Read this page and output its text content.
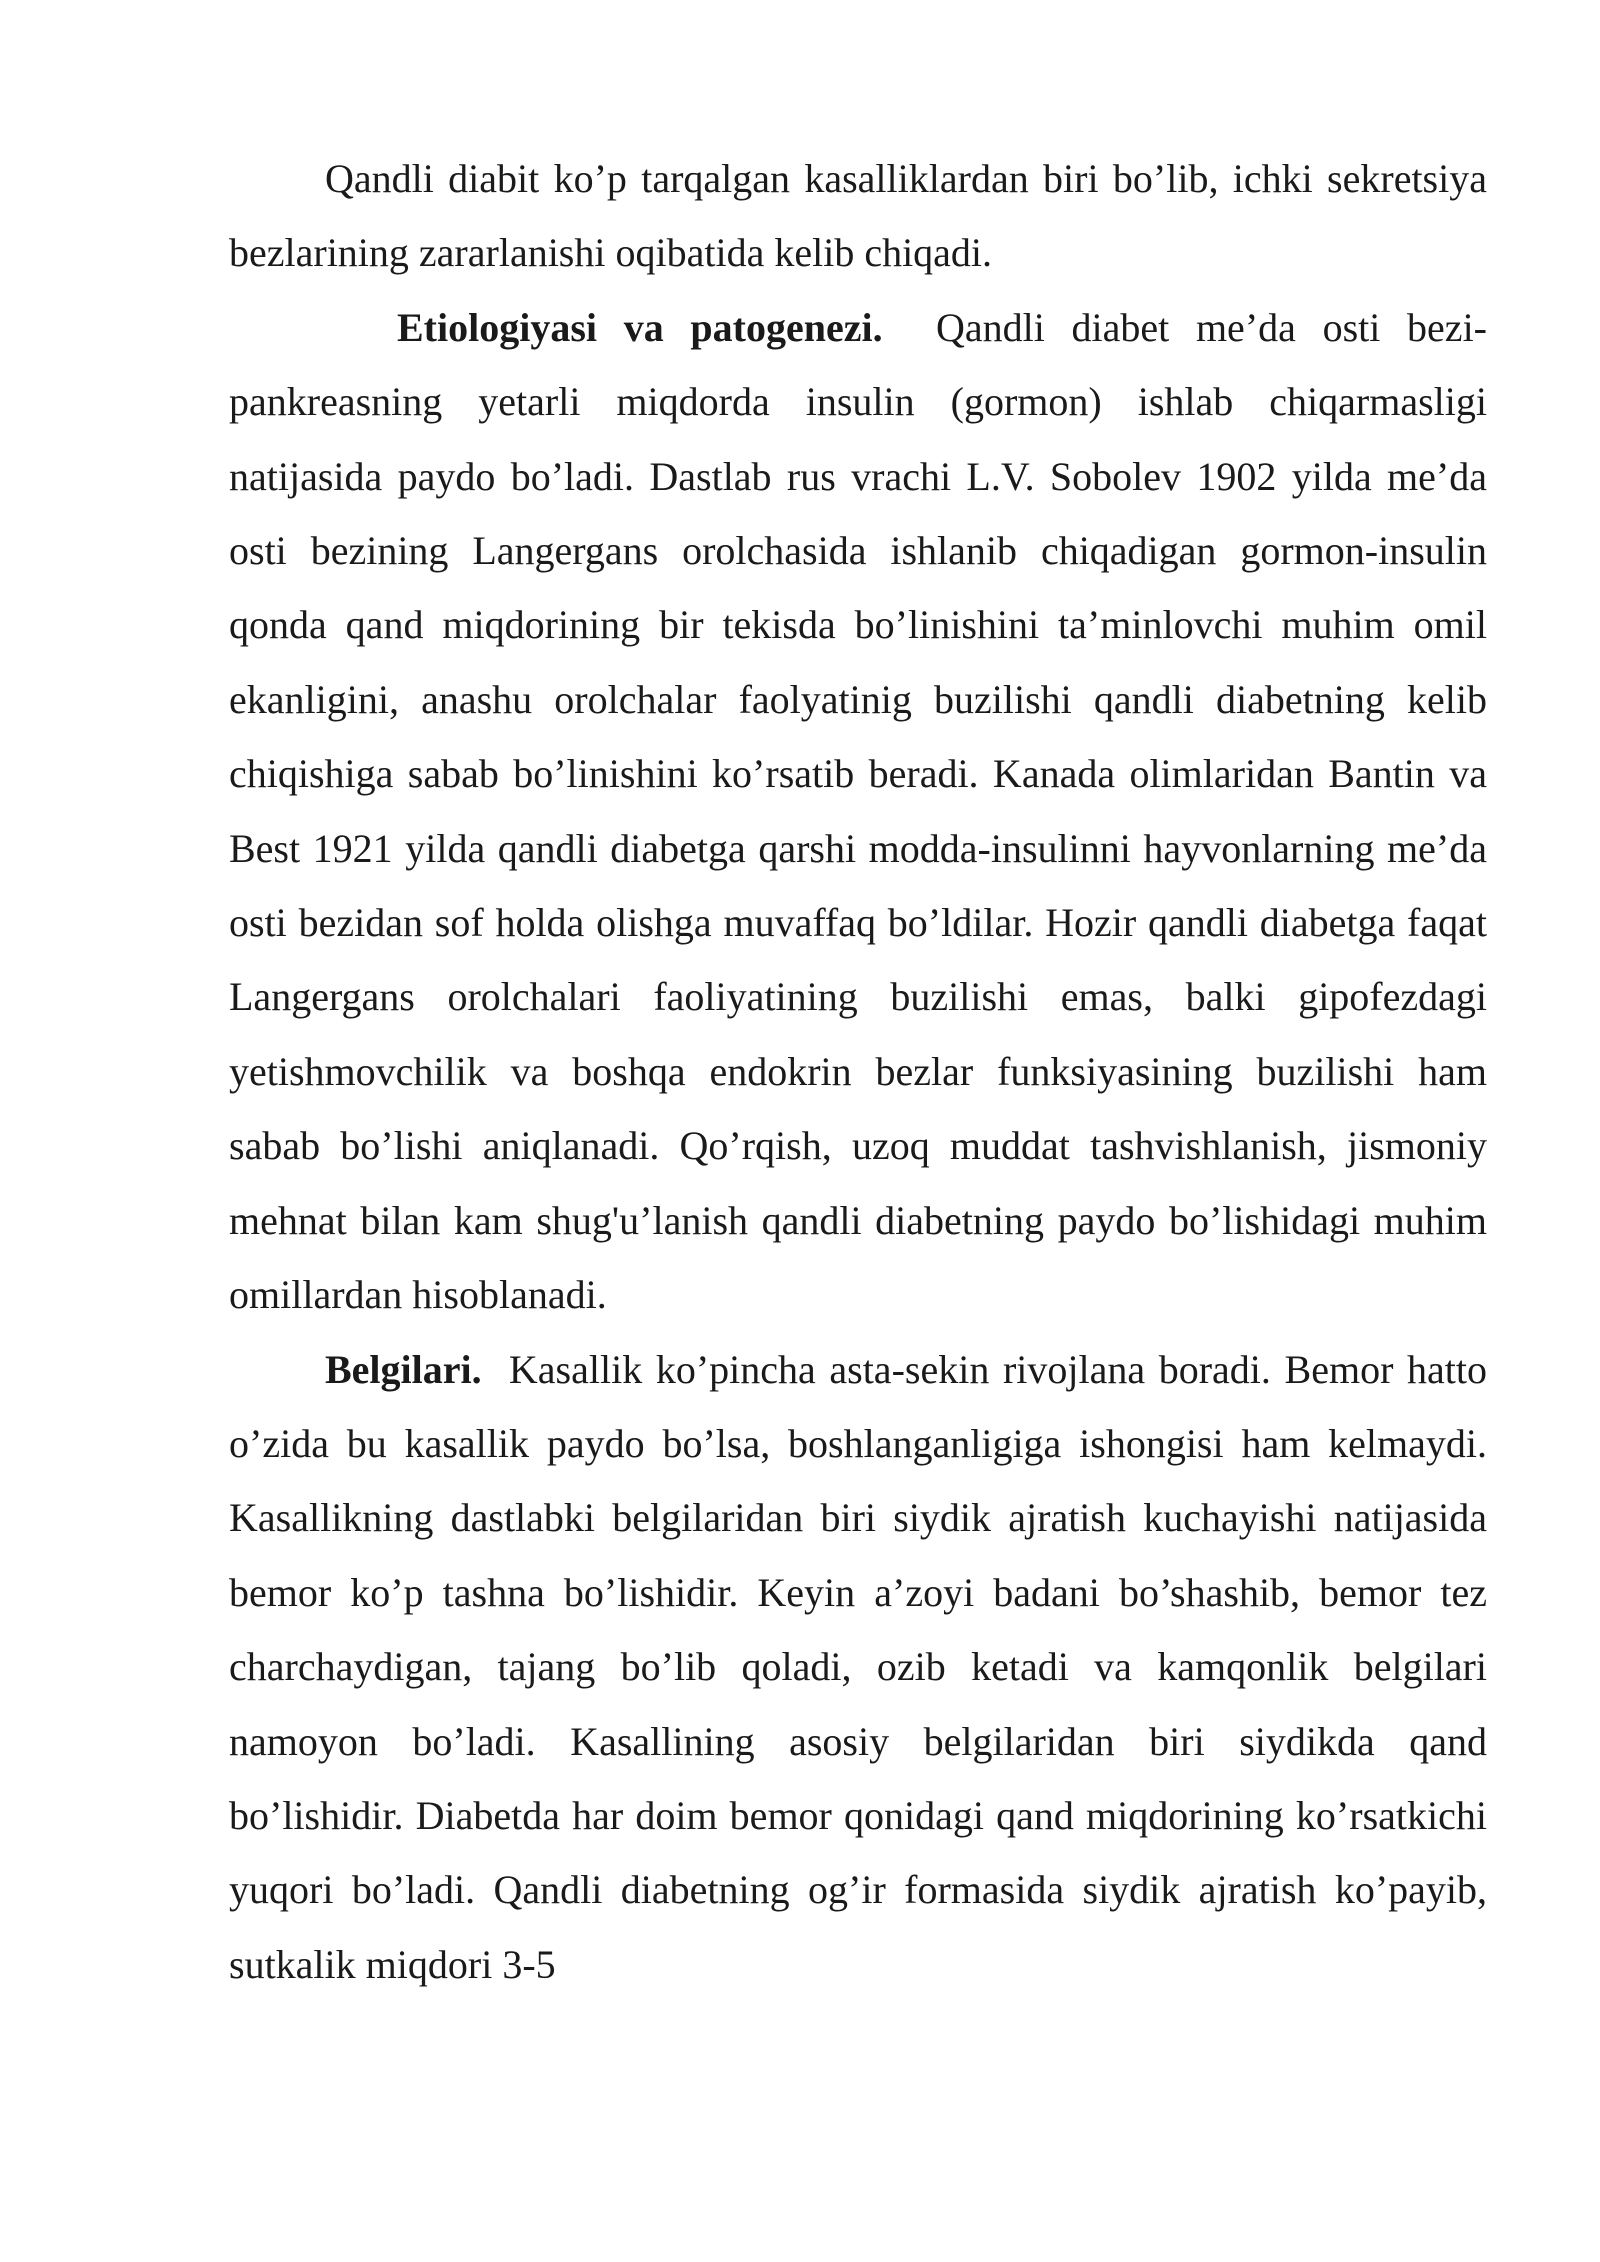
Qandli diabit ko’p tarqalgan kasalliklardan biri bo’lib, ichki sekretsiya bezlarining zararlanishi oqibatida kelib chiqadi.

Etiologiyasi va patogenezi. Qandli diabet me’da osti bezi-pankreasning yetarli miqdorda insulin (gormon) ishlab chiqarmasligi natijasida paydo bo’ladi. Dastlab rus vrachi L.V. Sobolev 1902 yilda me’da osti bezining Langergans orolchasida ishlanib chiqadigan gormon-insulin qonda qand miqdorining bir tekisda bo’linishini ta’minlovchi muhim omil ekanligini, anashu orolchalar faolyatinig buzilishi qandli diabetning kelib chiqishiga sabab bo’linishini ko’rsatib beradi. Kanada olimlaridan Bantin va Best 1921 yilda qandli diabetga qarshi modda-insulinni hayvonlarning me’da osti bezidan sof holda olishga muvaffaq bo’ldilar. Hozir qandli diabetga faqat Langergans orolchalari faoliyatining buzilishi emas, balki gipofezdagi yetishmovchilik va boshqa endokrin bezlar funksiyasining buzilishi ham sabab bo’lishi aniqlanadi. Qo’rqish, uzoq muddat tashvishlanish, jismoniy mehnat bilan kam shug'u’lanish qandli diabetning paydo bo’lishidagi muhim omillardan hisoblanadi.

Belgilari. Kasallik ko’pincha asta-sekin rivojlana boradi. Bemor hatto o’zida bu kasallik paydo bo’lsa, boshlanganligiga ishongisi ham kelmaydi. Kasallikning dastlabki belgilaridan biri siydik ajratish kuchayishi natijasida bemor ko’p tashna bo’lishidir. Keyin a’zoyi badani bo’shashib, bemor tez charchaydigan, tajang bo’lib qoladi, ozib ketadi va kamqonlik belgilari namoyon bo’ladi. Kasallining asosiy belgilaridan biri siydikda qand bo’lishidir. Diabetda har doim bemor qonidagi qand miqdorining ko’rsatkichi yuqori bo’ladi. Qandli diabetning og’ir formasida siydik ajratish ko’payib, sutkalik miqdori 3-5
